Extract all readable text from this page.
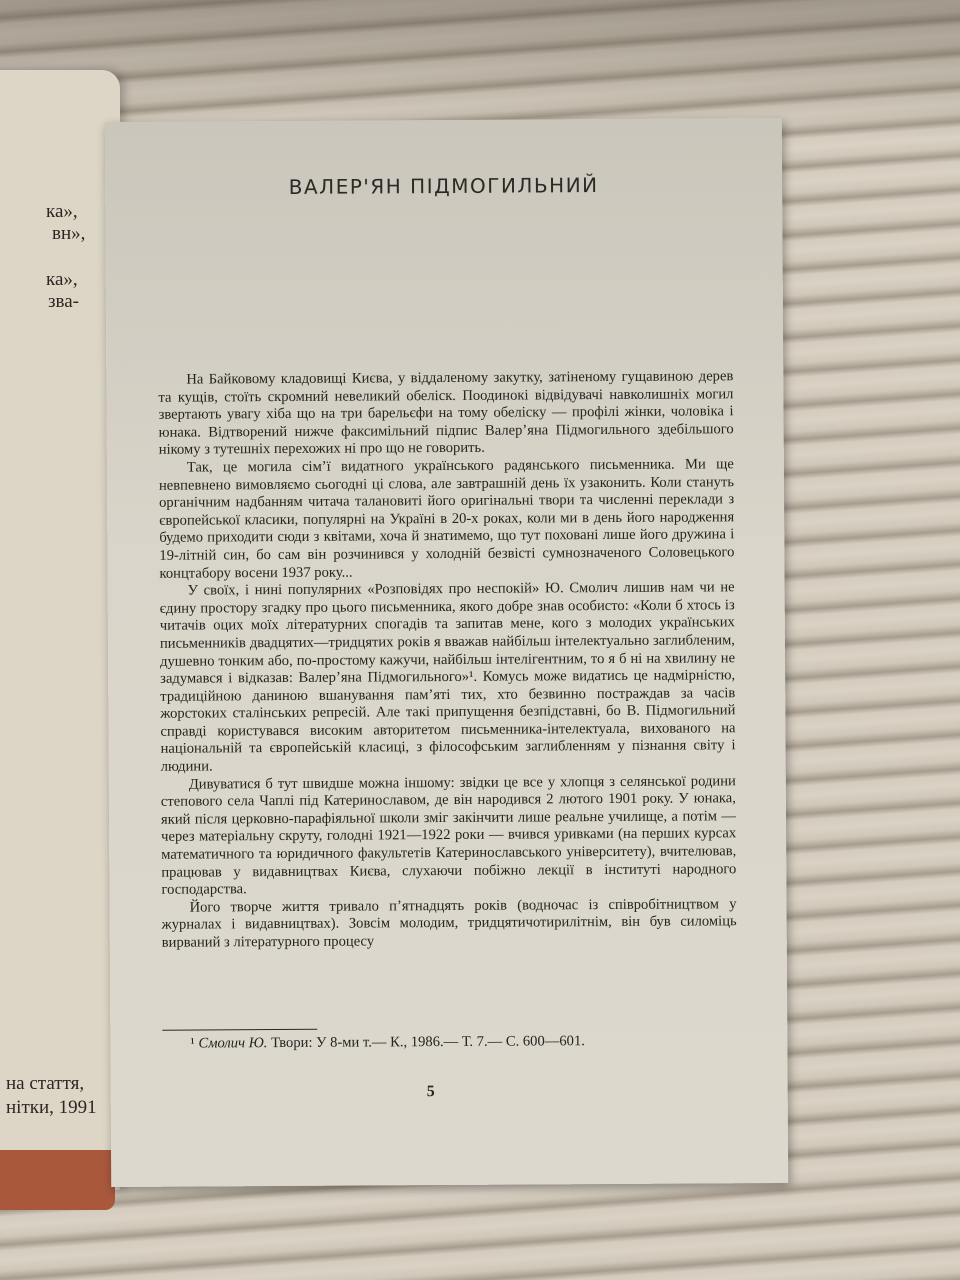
ка»,
вн»,
ка»,
зва-
на стаття,
нітки, 1991
ВАЛЕР'ЯН ПІДМОГИЛЬНИЙ

На Байковому кладовищі Києва, у віддаленому закутку, затіненому гущавиною дерев та кущів, стоїть скромний невеликий обеліск. Поодинокі відвідувачі навколишніх могил звертають увагу хіба що на три барельєфи на тому обеліску — профілі жінки, чоловіка і юнака. Відтворений нижче факсимільний підпис Валер’яна Підмогильного здебільшого нікому з тутешніх перехожих ні про що не говорить.

Так, це могила сім’ї видатного українського радянського письменника. Ми ще невпевнено вимовляємо сьогодні ці слова, але завтрашній день їх узаконить. Коли стануть органічним надбанням читача талановиті його оригінальні твори та численні переклади з європейської класики, популярні на Україні в 20-х роках, коли ми в день його народження будемо приходити сюди з квітами, хоча й знатимемо, що тут поховані лише його дружина і 19-літній син, бо сам він розчинився у холодній безвісті сумнозначеного Соловецького концтабору восени 1937 року...

У своїх, і нині популярних «Розповідях про неспокій» Ю. Смолич лишив нам чи не єдину простору згадку про цього письменника, якого добре знав особисто: «Коли б хтось із читачів оцих моїх літературних спогадів та запитав мене, кого з молодих українських письменників двадцятих—тридцятих років я вважав найбільш інтелектуально заглибленим, душевно тонким або, по-простому кажучи, найбільш інтелігентним, то я б ні на хвилину не задумався і відказав: Валер’яна Підмогильного»¹. Комусь може видатись це надмірністю, традиційною даниною вшанування пам’яті тих, хто безвинно постраждав за часів жорстоких сталінських репресій. Але такі припущення безпідставні, бо В. Підмогильний справді користувався високим авторитетом письменника-інтелектуала, вихованого на національній та європейській класиці, з філософським заглибленням у пізнання світу і людини.

Дивуватися б тут швидше можна іншому: звідки це все у хлопця з селянської родини степового села Чаплі під Катеринославом, де він народився 2 лютого 1901 року. У юнака, який після церковно-парафіяльної школи зміг закінчити лише реальне училище, а потім — через матеріальну скруту, голодні 1921—1922 роки — вчився уривками (на перших курсах математичного та юридичного факультетів Катеринославського університету), вчителював, працював у видавництвах Києва, слухаючи побіжно лекції в інституті народного господарства.

Його творче життя тривало п’ятнадцять років (водночас із співробітництвом у журналах і видавництвах). Зовсім молодим, тридцятичотирилітнім, він був силоміць вирваний з літературного процесу

¹ Смолич Ю. Твори: У 8-ми т.— К., 1986.— Т. 7.— С. 600—601.

5
